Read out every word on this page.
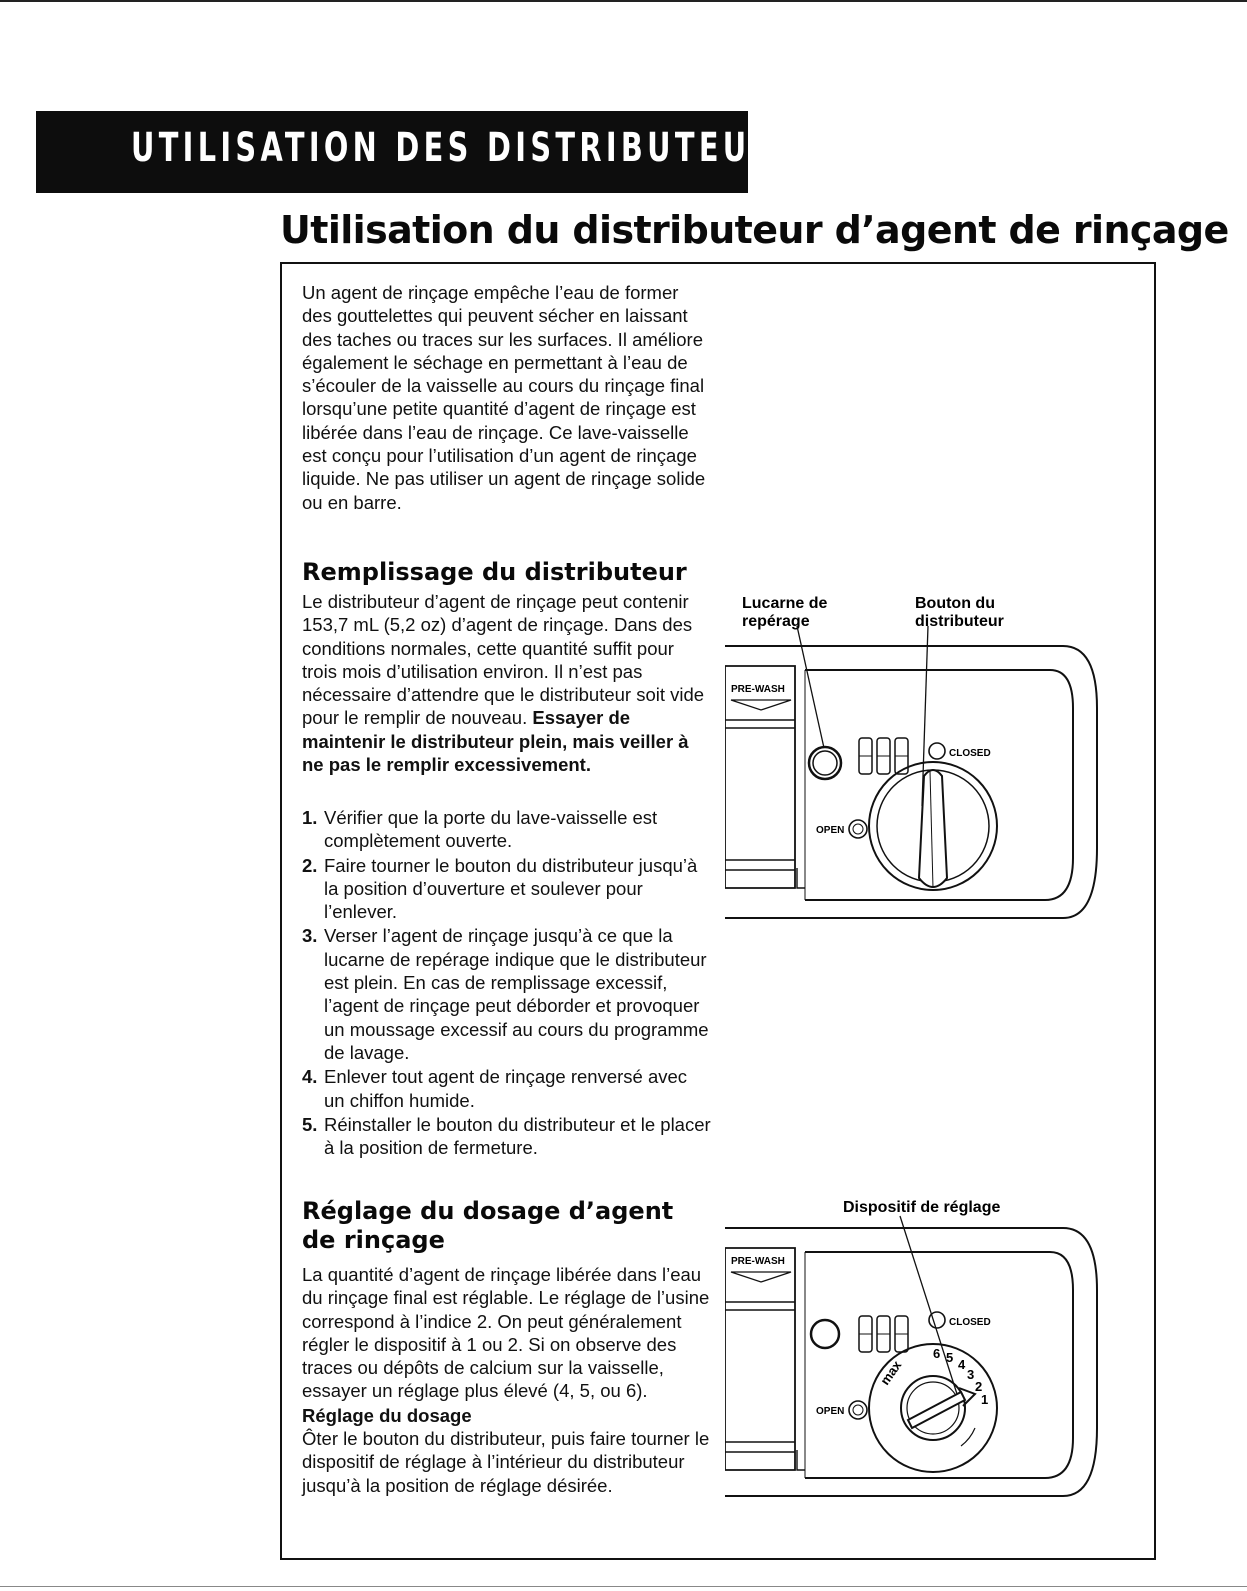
UTILISATION DES DISTRIBUTEURS
Utilisation du distributeur d’agent de rinçage

Un agent de rinçage empêche l’eau de former des gouttelettes qui peuvent sécher en laissant des taches ou traces sur les surfaces. Il améliore également le séchage en permettant à l’eau de s’écouler de la vaisselle au cours du rinçage final lorsqu’une petite quantité d’agent de rinçage est libérée dans l’eau de rinçage. Ce lave-vaisselle est conçu pour l’utilisation d’un agent de rinçage liquide. Ne pas utiliser un agent de rinçage solide ou en barre.

Remplissage du distributeur

Le distributeur d’agent de rinçage peut contenir 153,7 mL (5,2 oz) d’agent de rinçage. Dans des conditions normales, cette quantité suffit pour trois mois d’utilisation environ. Il n’est pas nécessaire d’attendre que le distributeur soit vide pour le remplir de nouveau. Essayer de maintenir le distributeur plein, mais veiller à ne pas le remplir excessivement.

1. Vérifier que la porte du lave-vaisselle est complètement ouverte.
2. Faire tourner le bouton du distributeur jusqu’à la position d’ouverture et soulever pour l’enlever.
3. Verser l’agent de rinçage jusqu’à ce que la lucarne de repérage indique que le distributeur est plein. En cas de remplissage excessif, l’agent de rinçage peut déborder et provoquer un moussage excessif au cours du programme de lavage.
4. Enlever tout agent de rinçage renversé avec un chiffon humide.
5. Réinstaller le bouton du distributeur et le placer à la position de fermeture.
Réglage du dosage d’agent de rinçage

La quantité d’agent de rinçage libérée dans l’eau du rinçage final est réglable. Le réglage de l’usine correspond à l’indice 2. On peut généralement régler le dispositif à 1 ou 2. Si on observe des traces ou dépôts de calcium sur la vaisselle, essayer un réglage plus élevé (4, 5, ou 6).

Réglage du dosage

Ôter le bouton du distributeur, puis faire tourner le dispositif de réglage à l’intérieur du distributeur jusqu’à la position de réglage désirée.

Lucarne de
repérage
Bouton du
distributeur
PRE-WASH
CLOSED
OPEN
Dispositif de réglage
PRE-WASH
CLOSED
OPEN
max
6 5 4
3
2
1
